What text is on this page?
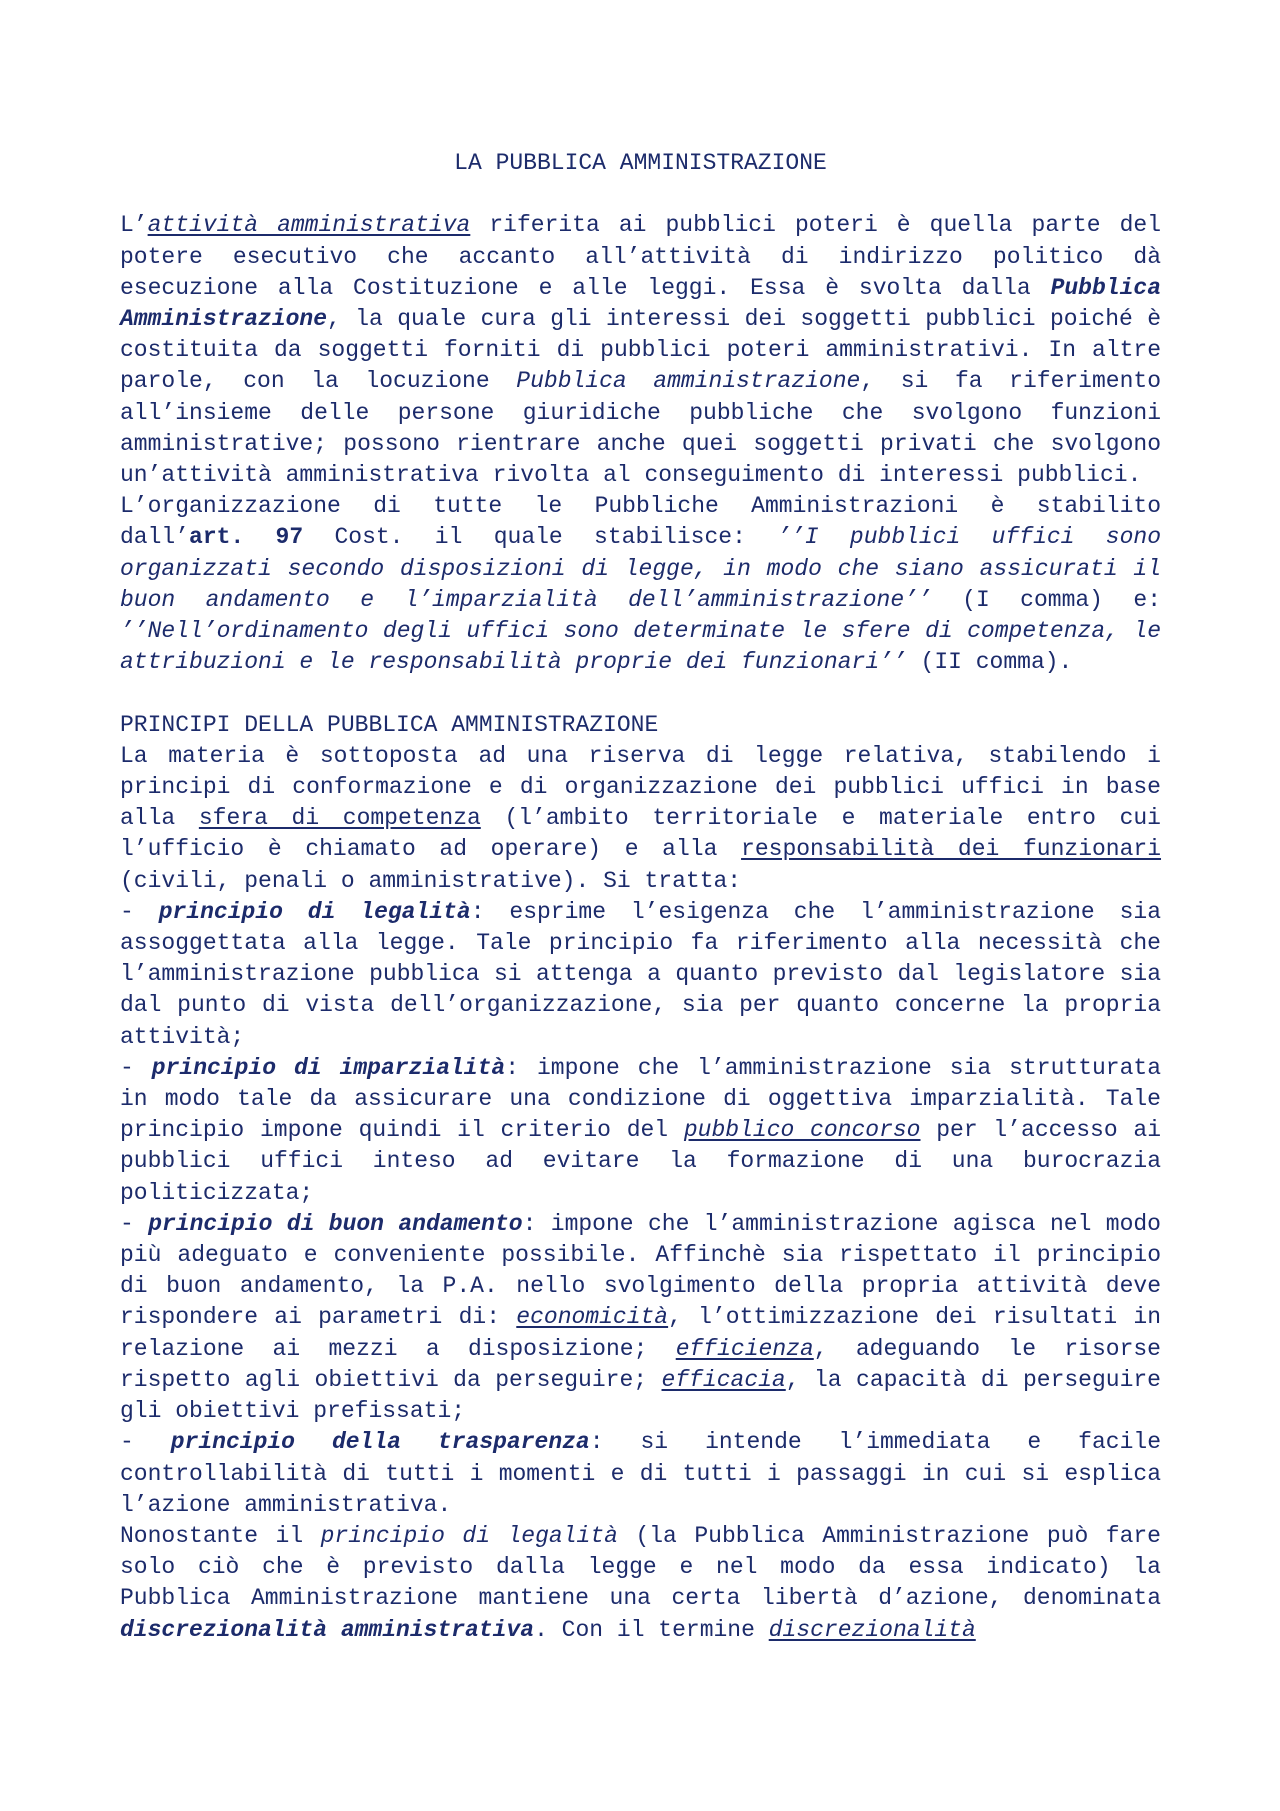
LA PUBBLICA AMMINISTRAZIONE

L’attività amministrativa riferita ai pubblici poteri è quella parte del potere esecutivo che accanto all’attività di indirizzo politico dà esecuzione alla Costituzione e alle leggi. Essa è svolta dalla Pubblica Amministrazione, la quale cura gli interessi dei soggetti pubblici poiché è costituita da soggetti forniti di pubblici poteri amministrativi. In altre parole, con la locuzione Pubblica amministrazione, si fa riferimento all’insieme delle persone giuridiche pubbliche che svolgono funzioni amministrative; possono rientrare anche quei soggetti privati che svolgono un’attività amministrativa rivolta al conseguimento di interessi pubblici.

L’organizzazione di tutte le Pubbliche Amministrazioni è stabilito dall’art. 97 Cost. il quale stabilisce: ’’I pubblici uffici sono organizzati secondo disposizioni di legge, in modo che siano assicurati il buon andamento e l’imparzialità dell’amministrazione’’ (I comma) e: ’’Nell’ordinamento degli uffici sono determinate le sfere di competenza, le attribuzioni e le responsabilità proprie dei funzionari’’ (II comma).

PRINCIPI DELLA PUBBLICA AMMINISTRAZIONE

La materia è sottoposta ad una riserva di legge relativa, stabilendo i principi di conformazione e di organizzazione dei pubblici uffici in base alla sfera di competenza (l’ambito territoriale e materiale entro cui l’ufficio è chiamato ad operare) e alla responsabilità dei funzionari (civili, penali o amministrative). Si tratta:

- principio di legalità: esprime l’esigenza che l’amministrazione sia assoggettata alla legge. Tale principio fa riferimento alla necessità che l’amministrazione pubblica si attenga a quanto previsto dal legislatore sia dal punto di vista dell’organizzazione, sia per quanto concerne la propria attività;

- principio di imparzialità: impone che l’amministrazione sia strutturata in modo tale da assicurare una condizione di oggettiva imparzialità. Tale principio impone quindi il criterio del pubblico concorso per l’accesso ai pubblici uffici inteso ad evitare la formazione di una burocrazia politicizzata;

- principio di buon andamento: impone che l’amministrazione agisca nel modo più adeguato e conveniente possibile. Affinchè sia rispettato il principio di buon andamento, la P.A. nello svolgimento della propria attività deve rispondere ai parametri di: economicità, l’ottimizzazione dei risultati in relazione ai mezzi a disposizione; efficienza, adeguando le risorse rispetto agli obiettivi da perseguire; efficacia, la capacità di perseguire gli obiettivi prefissati;

- principio della trasparenza: si intende l’immediata e facile controllabilità di tutti i momenti e di tutti i passaggi in cui si esplica l’azione amministrativa.

Nonostante il principio di legalità (la Pubblica Amministrazione può fare solo ciò che è previsto dalla legge e nel modo da essa indicato) la Pubblica Amministrazione mantiene una certa libertà d’azione, denominata discrezionalità amministrativa. Con il termine discrezionalità
